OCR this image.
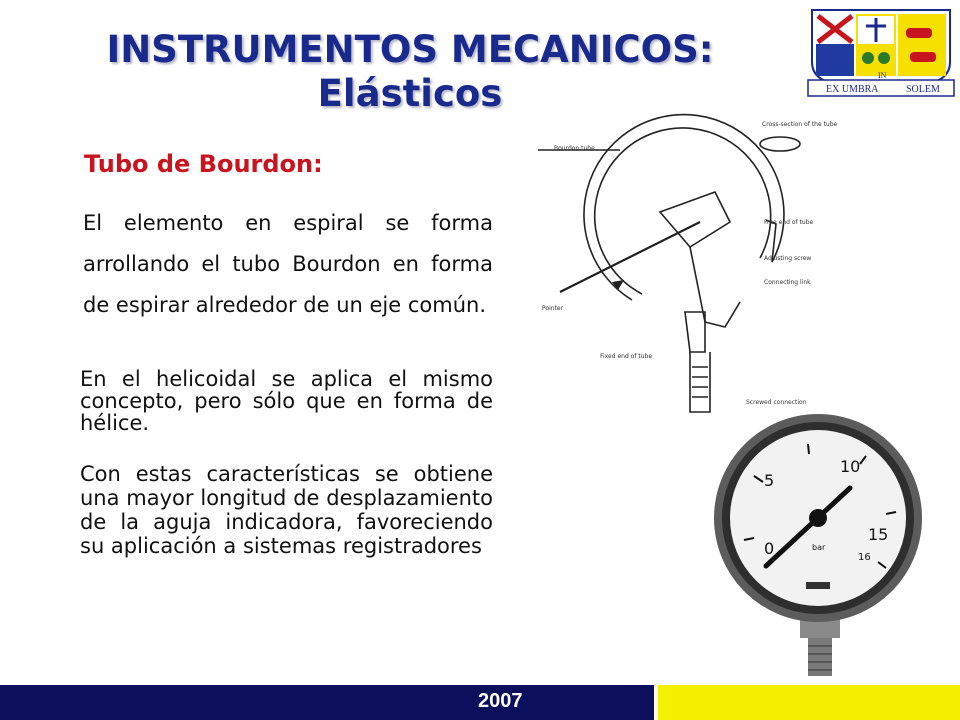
INSTRUMENTOS MECANICOS:
Elásticos	EX UMBRA
IN
SOLEM
Tubo de Bourdon:

El elemento en espiral se forma arrollando el tubo Bourdon en forma de espirar alrededor de un eje común.

En el helicoidal se aplica el mismo concepto, pero sólo que en forma de hélice.

Con estas características se obtiene una mayor longitud de desplazamiento de la aguja indicadora, favoreciendo su aplicación a sistemas registradores

Bourdon tube
Cross-section of the tube
Free end of tube
Adjusting screw
Connecting link
Pointer
Fixed end of tube
Screwed connection
0
5
10
15
16
bar
2007
